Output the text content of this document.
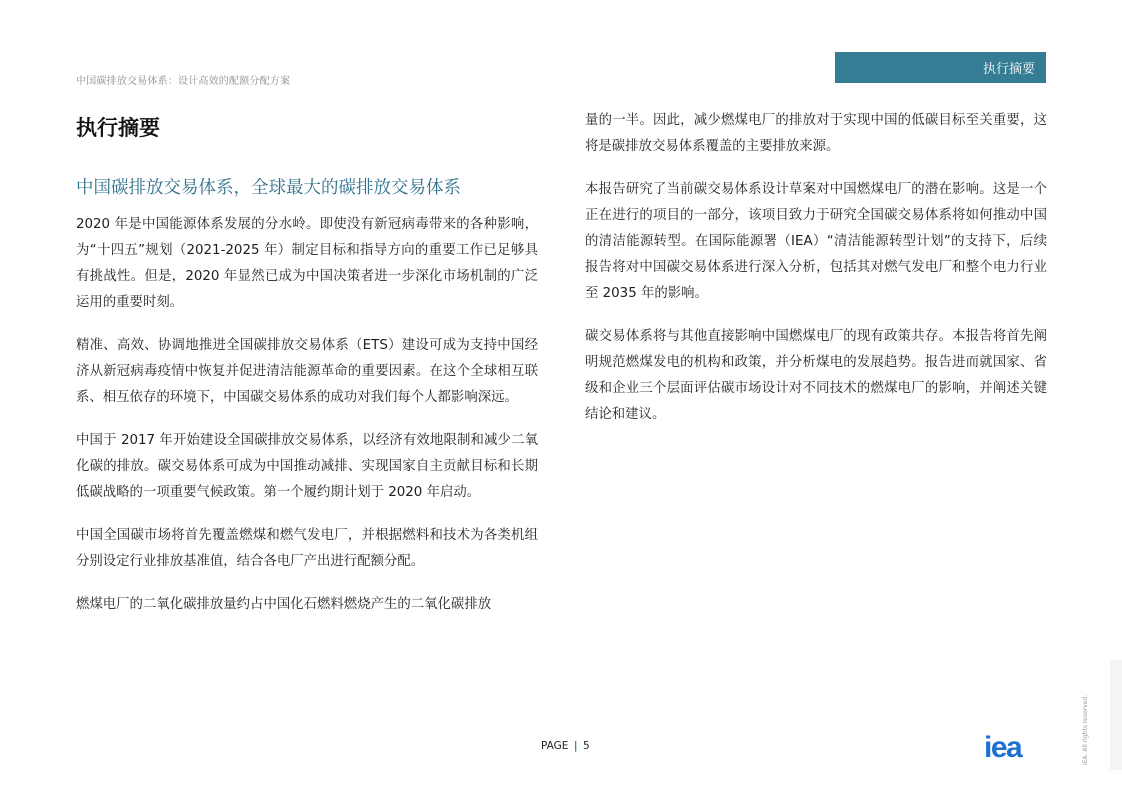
中国碳排放交易体系：设计高效的配额分配方案
执行摘要
执行摘要
中国碳排放交易体系，全球最大的碳排放交易体系

2020 年是中国能源体系发展的分水岭。即使没有新冠病毒带来的各种影响，为“十四五”规划（2021-2025 年）制定目标和指导方向的重要工作已足够具有挑战性。但是，2020 年显然已成为中国决策者进一步深化市场机制的广泛运用的重要时刻。

精准、高效、协调地推进全国碳排放交易体系（ETS）建设可成为支持中国经济从新冠病毒疫情中恢复并促进清洁能源革命的重要因素。在这个全球相互联系、相互依存的环境下，中国碳交易体系的成功对我们每个人都影响深远。

中国于 2017 年开始建设全国碳排放交易体系，以经济有效地限制和减少二氧化碳的排放。碳交易体系可成为中国推动减排、实现国家自主贡献目标和长期低碳战略的一项重要气候政策。第一个履约期计划于 2020 年启动。

中国全国碳市场将首先覆盖燃煤和燃气发电厂，并根据燃料和技术为各类机组分别设定行业排放基准值，结合各电厂产出进行配额分配。

燃煤电厂的二氧化碳排放量约占中国化石燃料燃烧产生的二氧化碳排放

量的一半。因此，减少燃煤电厂的排放对于实现中国的低碳目标至关重要，这将是碳排放交易体系覆盖的主要排放来源。

本报告研究了当前碳交易体系设计草案对中国燃煤电厂的潜在影响。这是一个正在进行的项目的一部分，该项目致力于研究全国碳交易体系将如何推动中国的清洁能源转型。在国际能源署（IEA）“清洁能源转型计划”的支持下，后续报告将对中国碳交易体系进行深入分析，包括其对燃气发电厂和整个电力行业至 2035 年的影响。

碳交易体系将与其他直接影响中国燃煤电厂的现有政策共存。本报告将首先阐明规范燃煤发电的机构和政策，并分析煤电的发展趋势。报告进而就国家、省级和企业三个层面评估碳市场设计对不同技术的燃煤电厂的影响，并阐述关键结论和建议。

PAGE | 5	iea	IEA. All rights reserved.
